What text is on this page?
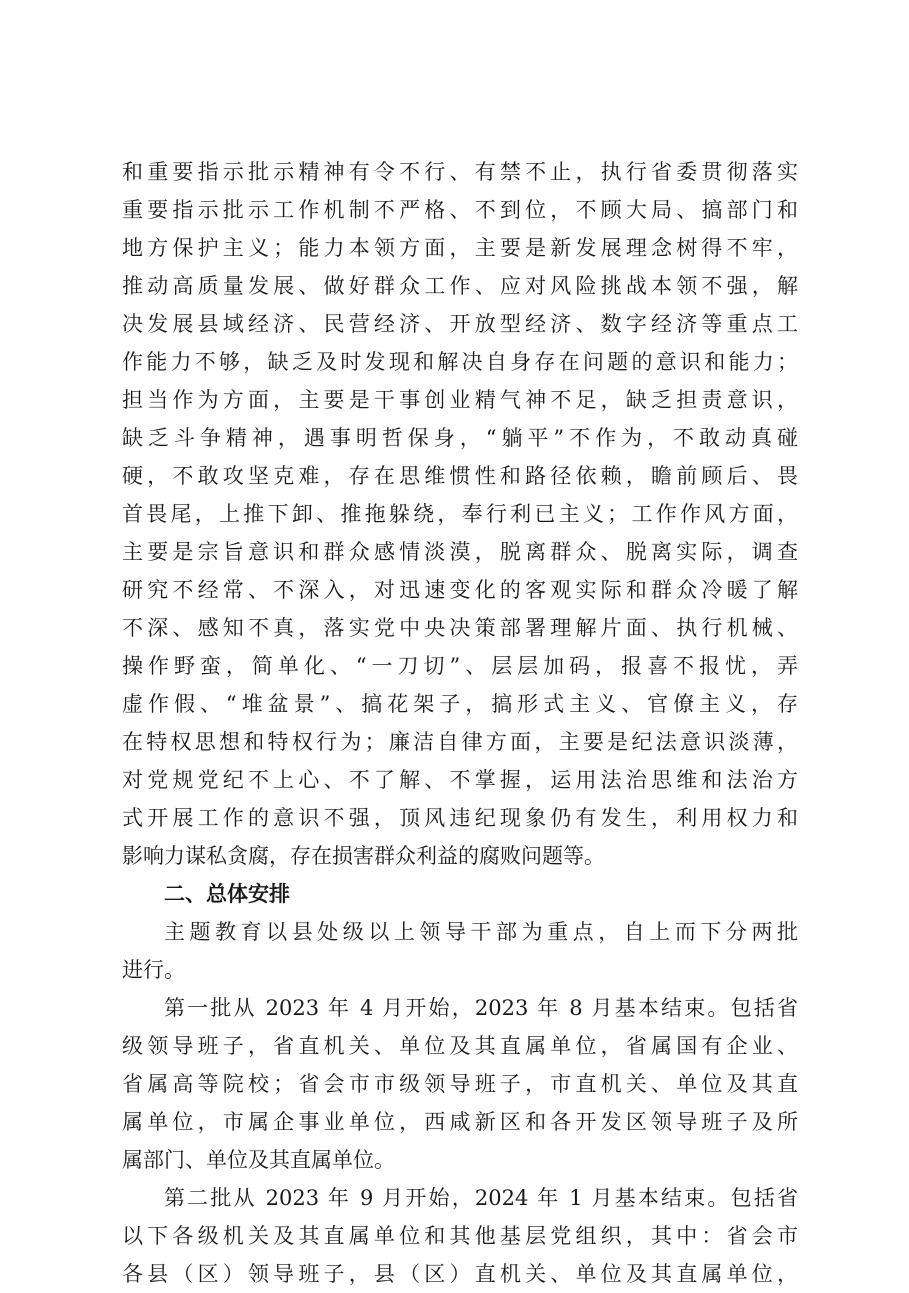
和重要指示批示精神有令不行、有禁不止，执行省委贯彻落实
重要指示批示工作机制不严格、不到位，不顾大局、搞部门和
地方保护主义；能力本领方面，主要是新发展理念树得不牢，
推动高质量发展、做好群众工作、应对风险挑战本领不强，解
决发展县域经济、民营经济、开放型经济、数字经济等重点工
作能力不够，缺乏及时发现和解决自身存在问题的意识和能力；
担当作为方面，主要是干事创业精气神不足，缺乏担责意识，
缺乏斗争精神，遇事明哲保身，“躺平”不作为，不敢动真碰
硬，不敢攻坚克难，存在思维惯性和路径依赖，瞻前顾后、畏
首畏尾，上推下卸、推拖躲绕，奉行利已主义；工作作风方面，
主要是宗旨意识和群众感情淡漠，脱离群众、脱离实际，调查
研究不经常、不深入，对迅速变化的客观实际和群众冷暖了解
不深、感知不真，落实党中央决策部署理解片面、执行机械、
操作野蛮，简单化、“一刀切”、层层加码，报喜不报忧，弄
虚作假、“堆盆景”、搞花架子，搞形式主义、官僚主义，存
在特权思想和特权行为；廉洁自律方面，主要是纪法意识淡薄，
对党规党纪不上心、不了解、不掌握，运用法治思维和法治方
式开展工作的意识不强，顶风违纪现象仍有发生，利用权力和
影响力谋私贪腐，存在损害群众利益的腐败问题等。
二、总体安排
主题教育以县处级以上领导干部为重点，自上而下分两批
进行。
第一批从 2023 年 4 月开始，2023 年 8 月基本结束。包括省
级领导班子，省直机关、单位及其直属单位，省属国有企业、
省属高等院校；省会市市级领导班子，市直机关、单位及其直
属单位，市属企事业单位，西咸新区和各开发区领导班子及所
属部门、单位及其直属单位。
第二批从 2023 年 9 月开始，2024 年 1 月基本结束。包括省
以下各级机关及其直属单位和其他基层党组织，其中：省会市
各县（区）领导班子，县（区）直机关、单位及其直属单位，
